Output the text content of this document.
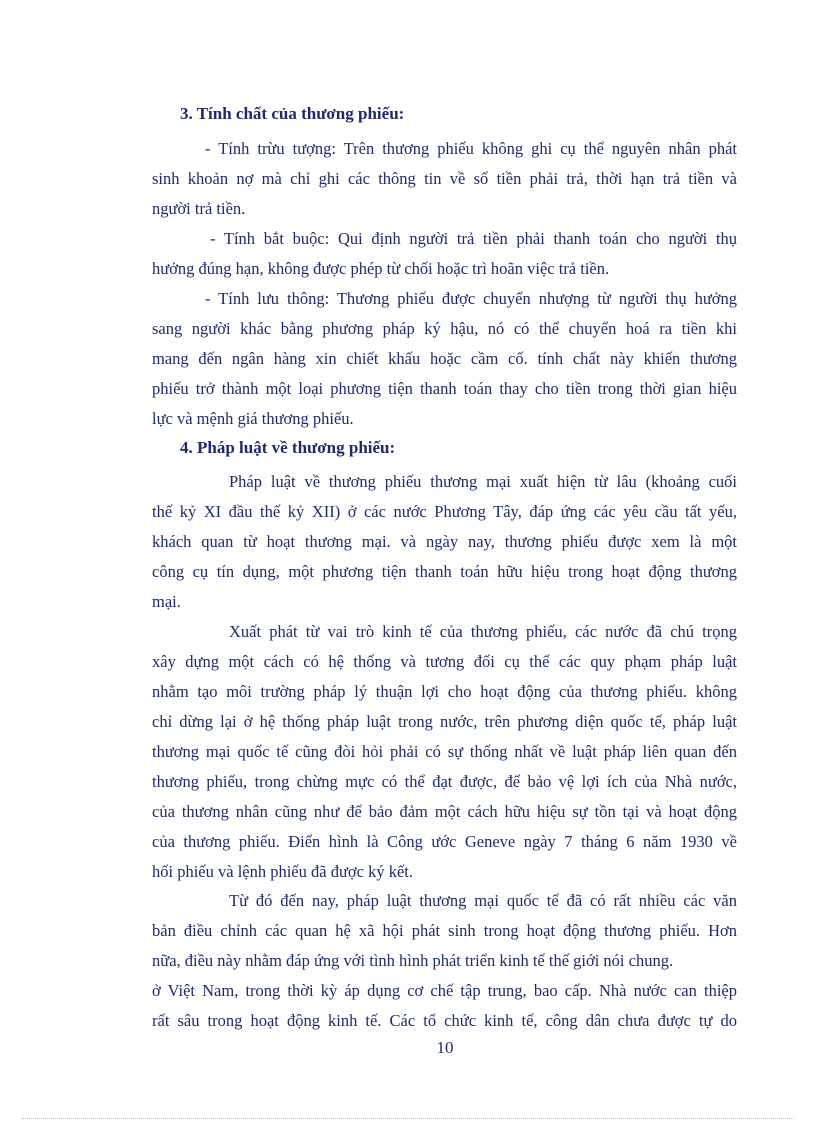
3. Tính chất của thương phiếu:
- Tính trừu tượng: Trên thương phiếu không ghi cụ thể nguyên nhân phát
sinh khoản nợ mà chỉ ghi các thông tin về số tiền phải trả, thời hạn trả tiền và
người trả tiền.
- Tính bắt buộc: Qui định người trả tiền phải thanh toán cho người thụ
hưởng đúng hạn, không được phép từ chối hoặc trì hoãn việc trả tiền.
- Tính lưu thông: Thương phiếu được chuyển nhượng từ người thụ hưởng
sang người khác bằng phương pháp ký hậu, nó có thể chuyển hoá ra tiền khi
mang đến ngân hàng xin chiết khấu hoặc cầm cố. tính chất này khiến thương
phiếu trở thành một loại phương tiện thanh toán thay cho tiền trong thời gian hiệu
lực và mệnh giá thương phiếu.
4. Pháp luật về thương phiếu:
Pháp luật về thương phiếu thương mại xuất hiện từ lâu (khoảng cuối
thế kỷ XI đầu thế kỷ XII) ở các nước Phương Tây, đáp ứng các yêu cầu tất yếu,
khách quan từ hoạt thương mại. và ngày nay, thương phiếu được xem là một
công cụ tín dụng, một phương tiện thanh toán hữu hiệu trong hoạt động thương
mại.
Xuất phát từ vai trò kinh tế của thương phiếu, các nước đã chú trọng
xây dựng một cách có hệ thống và tương đối cụ thể các quy phạm pháp luật
nhằm tạo môi trường pháp lý thuận lợi cho hoạt động của thương phiếu. không
chỉ dừng lại ở hệ thống pháp luật trong nước, trên phương diện quốc tế, pháp luật
thương mại quốc tế cũng đòi hỏi phải có sự thống nhất về luật pháp liên quan đến
thương phiếu, trong chừng mực có thể đạt được, để bảo vệ lợi ích của Nhà nước,
của thương nhân cũng như để bảo đảm một cách hữu hiệu sự tồn tại và hoạt động
của thương phiếu. Điển hình là Công ước Geneve ngày 7 tháng 6 năm 1930 về
hối phiếu và lệnh phiếu đã được ký kết.
Từ đó đến nay, pháp luật thương mại quốc tế đã có rất nhiều các văn
bản điều chỉnh các quan hệ xã hội phát sinh trong hoạt động thương phiếu. Hơn
nữa, điều này nhằm đáp ứng với tình hình phát triển kinh tế thế giới nói chung.
ở Việt Nam, trong thời kỳ áp dụng cơ chế tập trung, bao cấp. Nhà nước can thiệp
rất sâu trong hoạt động kinh tế. Các tổ chức kinh tế, công dân chưa được tự do
10
